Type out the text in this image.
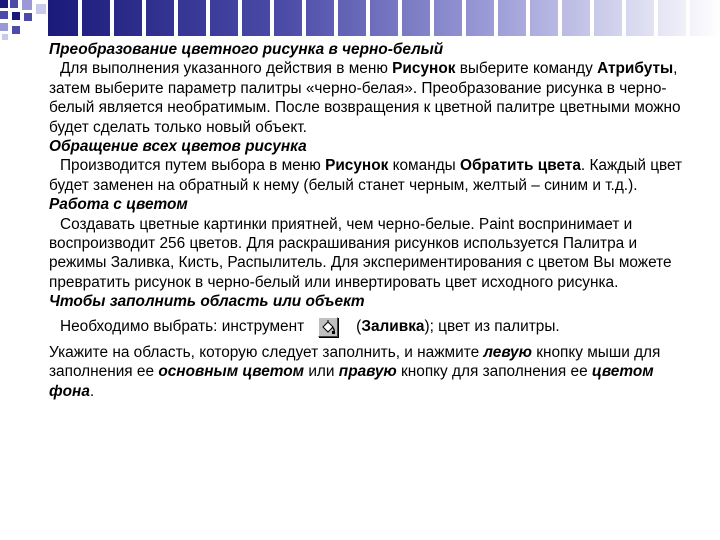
Преобразование цветного рисунка в черно-белый

Для выполнения указанного действия в меню Рисунок выберите команду Атрибуты, затем выберите параметр палитры «черно-белая». Преобразование рисунка в черно-белый является необратимым. После возвращения к цветной палитре цветными можно будет сделать только новый объект.

Обращение всех цветов рисунка

Производится путем выбора в меню Рисунок команды Обратить цвета. Каждый цвет будет заменен на обратный к нему (белый станет черным, желтый – синим и т.д.).

Работа с цветом

Создавать цветные картинки приятней, чем черно-белые. Paint воспринимает и воспроизводит 256 цветов. Для раскрашивания рисунков используется Палитра и режимы Заливка, Кисть, Распылитель. Для экспериментирования с цветом Вы можете превратить рисунок в черно-белый или инвертировать цвет исходного рисунка.

Чтобы заполнить область или объект

Необходимо выбрать: инструмент	(Заливка); цвет из палитры.

Укажите на область, которую следует заполнить, и нажмите левую кнопку мыши для заполнения ее основным цветом или правую кнопку для заполнения ее цветом фона.
